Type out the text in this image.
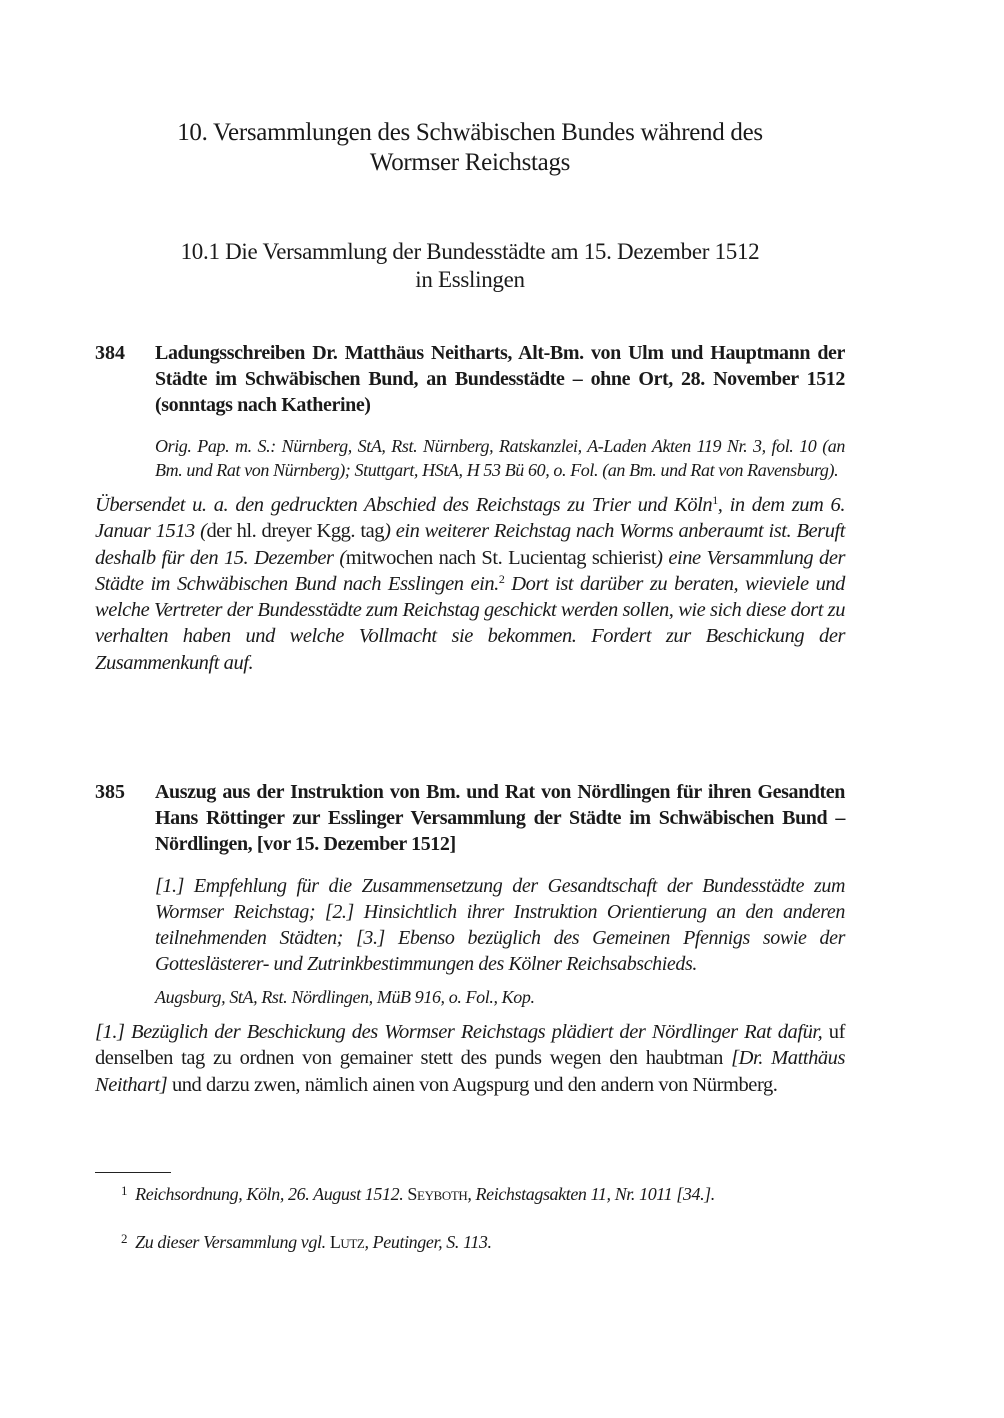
10. Versammlungen des Schwäbischen Bundes während des
Wormser Reichstags
10.1 Die Versammlung der Bundesstädte am 15. Dezember 1512
in Esslingen
384 Ladungsschreiben Dr. Matthäus Neitharts, Alt-Bm. von Ulm und Hauptmann der Städte im Schwäbischen Bund, an Bundesstädte – ohne Ort, 28. November 1512 (sonntags nach Katherine)
Orig. Pap. m. S.: Nürnberg, StA, Rst. Nürnberg, Ratskanzlei, A-Laden Akten 119 Nr. 3, fol. 10 (an Bm. und Rat von Nürnberg); Stuttgart, HStA, H 53 Bü 60, o. Fol. (an Bm. und Rat von Ravensburg).
Übersendet u. a. den gedruckten Abschied des Reichstags zu Trier und Köln$^1$, in dem zum 6. Januar 1513 (der hl. dreyer Kgg. tag) ein weiterer Reichstag nach Worms anberaumt ist. Beruft deshalb für den 15. Dezember (mitwochen nach St. Lucientag schierist) eine Versammlung der Städte im Schwäbischen Bund nach Esslingen ein.$^2$ Dort ist darüber zu beraten, wieviele und welche Vertreter der Bundesstädte zum Reichstag geschickt werden sollen, wie sich diese dort zu verhalten haben und welche Vollmacht sie bekommen. Fordert zur Beschickung der Zusammenkunft auf.
385 Auszug aus der Instruktion von Bm. und Rat von Nördlingen für ihren Gesandten Hans Röttinger zur Esslinger Versammlung der Städte im Schwäbischen Bund – Nördlingen, [vor 15. Dezember 1512]
[1.] Empfehlung für die Zusammensetzung der Gesandtschaft der Bundesstädte zum Wormser Reichstag; [2.] Hinsichtlich ihrer Instruktion Orientierung an den anderen teilnehmenden Städten; [3.] Ebenso bezüglich des Gemeinen Pfennigs sowie der Gotteslästerer- und Zutrinkbestimmungen des Kölner Reichsabschieds.
Augsburg, StA, Rst. Nördlingen, MüB 916, o. Fol., Kop.
[1.] Bezüglich der Beschickung des Wormser Reichstags plädiert der Nördlinger Rat dafür, uf denselben tag zu ordnen von gemainer stett des punds wegen den haubtman [Dr. Matthäus Neithart] und darzu zwen, nämlich ainen von Augspurg und den andern von Nürmberg.
$^1$ Reichsordnung, Köln, 26. August 1512. Seyboth, Reichstagsakten 11, Nr. 1011 [34.].
$^2$ Zu dieser Versammlung vgl. Lutz, Peutinger, S. 113.
